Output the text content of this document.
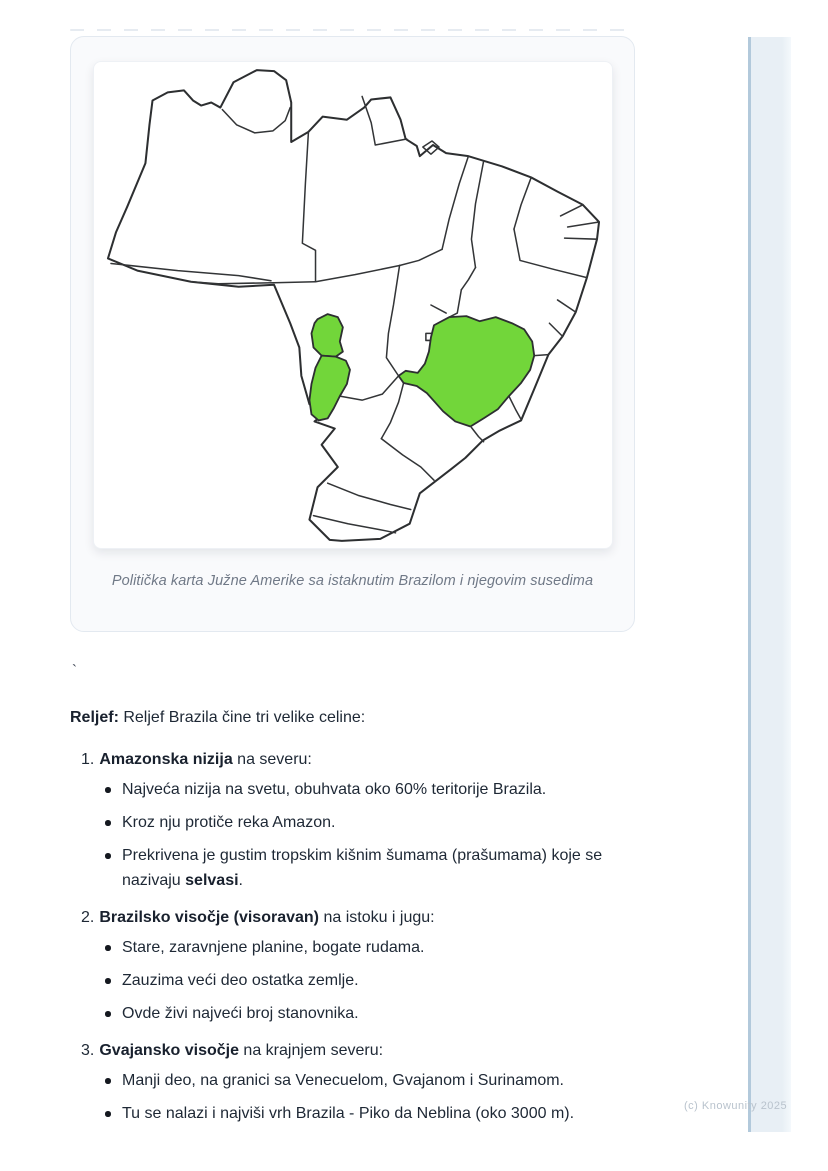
Politička karta Južne Amerike sa istaknutim Brazilom i njegovim susedima
`

Reljef: Reljef Brazila čine tri velike celine:

1. Amazonska nizija na severu:

Najveća nizija na svetu, obuhvata oko 60% teritorije Brazila.
Kroz nju protiče reka Amazon.
Prekrivena je gustim tropskim kišnim šumama (prašumama) koje se nazivaju selvasi.

2. Brazilsko visočje (visoravan) na istoku i jugu:

Stare, zaravnjene planine, bogate rudama.
Zauzima veći deo ostatka zemlje.
Ovde živi najveći broj stanovnika.

3. Gvajansko visočje na krajnjem severu:

Manji deo, na granici sa Venecuelom, Gvajanom i Surinamom.
Tu se nalazi i najviši vrh Brazila - Piko da Neblina (oko 3000 m).	(c) Knowunity 2025
